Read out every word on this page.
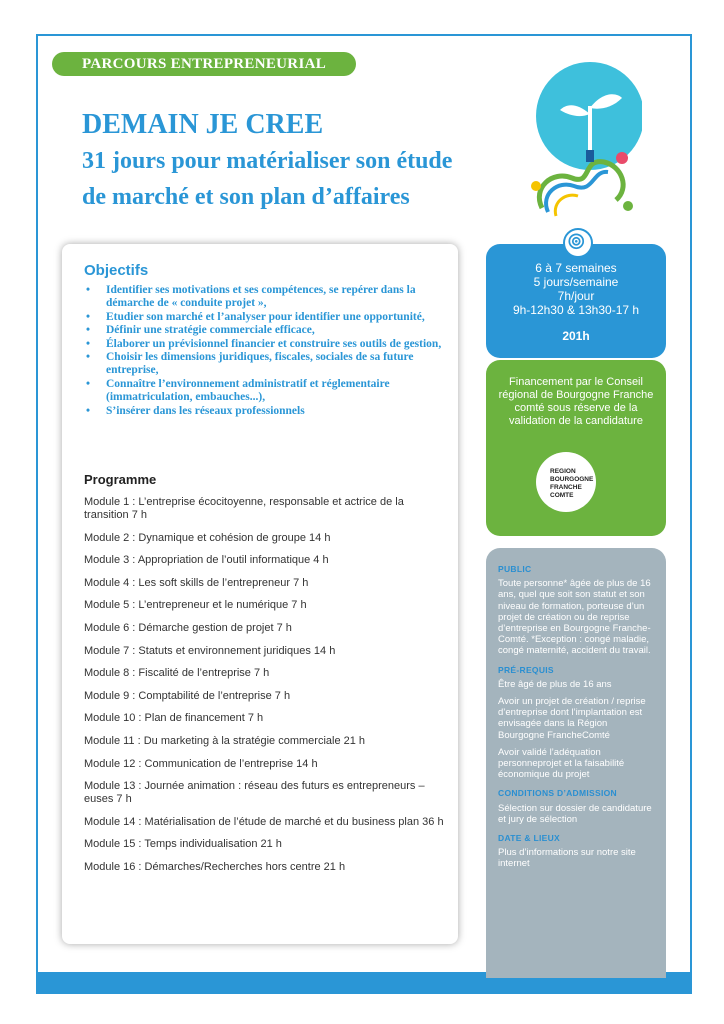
PARCOURS ENTREPRENEURIAL
DEMAIN JE CREE
31 jours pour matérialiser son étude
de marché et son plan d’affaires
Objectifs
• Identifier ses motivations et ses compétences, se repérer dans la démarche de « conduite projet »,
• Etudier son marché et l’analyser pour identifier une opportunité,
• Définir une stratégie commerciale efficace,
• Élaborer un prévisionnel financier et construire ses outils de gestion,
• Choisir les dimensions juridiques, fiscales, sociales de sa future entreprise,
• Connaître l’environnement administratif et réglementaire (immatriculation, embauches...),
• S’insérer dans les réseaux professionnels
Programme
Module 1 : L’entreprise écocitoyenne, responsable et actrice de la transition 7 h
Module 2 : Dynamique et cohésion de groupe 14 h
Module 3 : Appropriation de l’outil informatique 4 h
Module 4 : Les soft skills de l’entrepreneur 7 h
Module 5 : L’entrepreneur et le numérique 7 h
Module 6 : Démarche gestion de projet 7 h
Module 7 : Statuts et environnement juridiques 14 h
Module 8 : Fiscalité de l’entreprise 7 h
Module 9 : Comptabilité de l’entreprise 7 h
Module 10 : Plan de financement 7 h
Module 11 : Du marketing à la stratégie commerciale 21 h
Module 12 : Communication de l’entreprise 14 h
Module 13 : Journée animation : réseau des futurs es entrepreneurs – euses 7 h
Module 14 : Matérialisation de l’étude de marché et du business plan 36 h
Module 15 : Temps individualisation 21 h
Module 16 : Démarches/Recherches hors centre 21 h
6 à 7 semaines
5 jours/semaine
7h/jour
9h-12h30 & 13h30-17 h
201h
Financement par le Conseil régional de Bourgogne Franche comté sous réserve de la validation de la candidature
REGION
BOURGOGNE
FRANCHE
COMTE
PUBLIC

Toute personne* âgée de plus de 16 ans, quel que soit son statut et son niveau de formation, porteuse d’un projet de création ou de reprise d’entreprise en Bourgogne Franche-Comté. *Exception : congé maladie, congé maternité, accident du travail.

PRÉ-REQUIS

Être âgé de plus de 16 ans

Avoir un projet de création / reprise d’entreprise dont l’implantation est envisagée dans la Région Bourgogne FrancheComté

Avoir validé l’adéquation personneprojet et la faisabilité économique du projet

CONDITIONS D’ADMISSION

Sélection sur dossier de candidature et jury de sélection

DATE & LIEUX

Plus d’informations sur notre site internet
